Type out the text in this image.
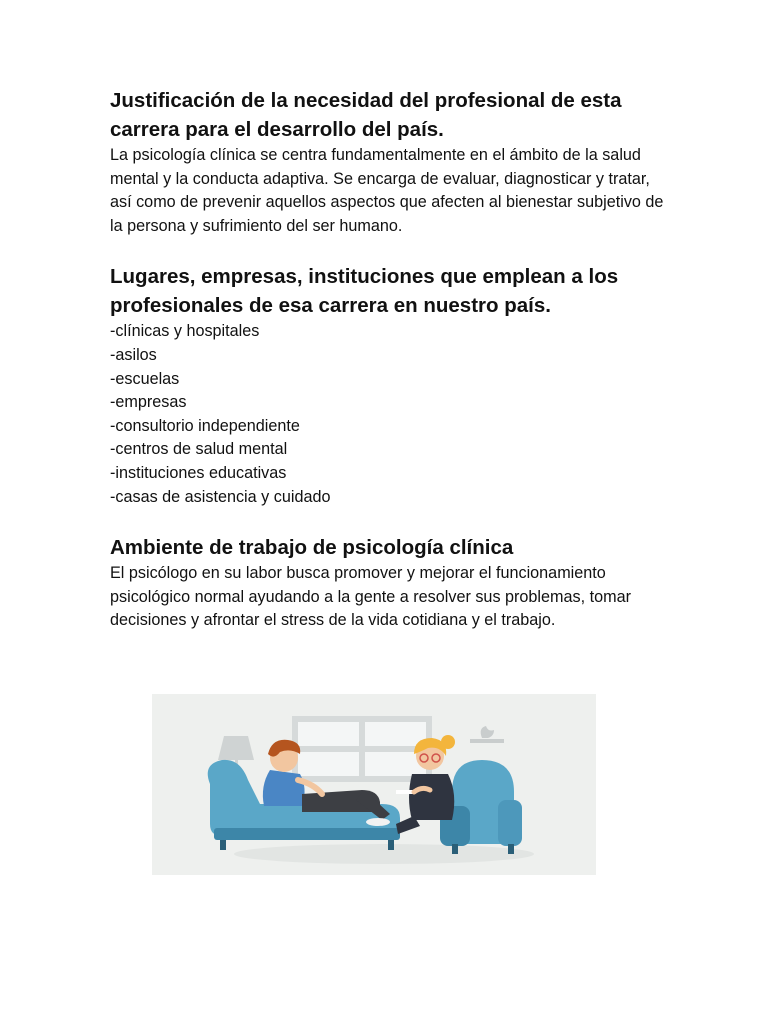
Justificación de la necesidad del profesional de esta carrera para el desarrollo del país.

La psicología clínica se centra fundamentalmente en el ámbito de la salud mental y la conducta adaptiva. Se encarga de evaluar, diagnosticar y tratar, así como de prevenir aquellos aspectos que afecten al bienestar subjetivo de la persona y sufrimiento del ser humano.

Lugares, empresas, instituciones que emplean a los profesionales de esa carrera en nuestro país.
-clínicas y hospitales
-asilos
-escuelas
-empresas
-consultorio independiente
-centros de salud mental
-instituciones educativas
-casas de asistencia y cuidado
Ambiente de trabajo de psicología clínica

El psicólogo en su labor busca promover y mejorar el funcionamiento psicológico normal ayudando a la gente a resolver sus problemas, tomar decisiones y afrontar el stress de la vida cotidiana y el trabajo.
